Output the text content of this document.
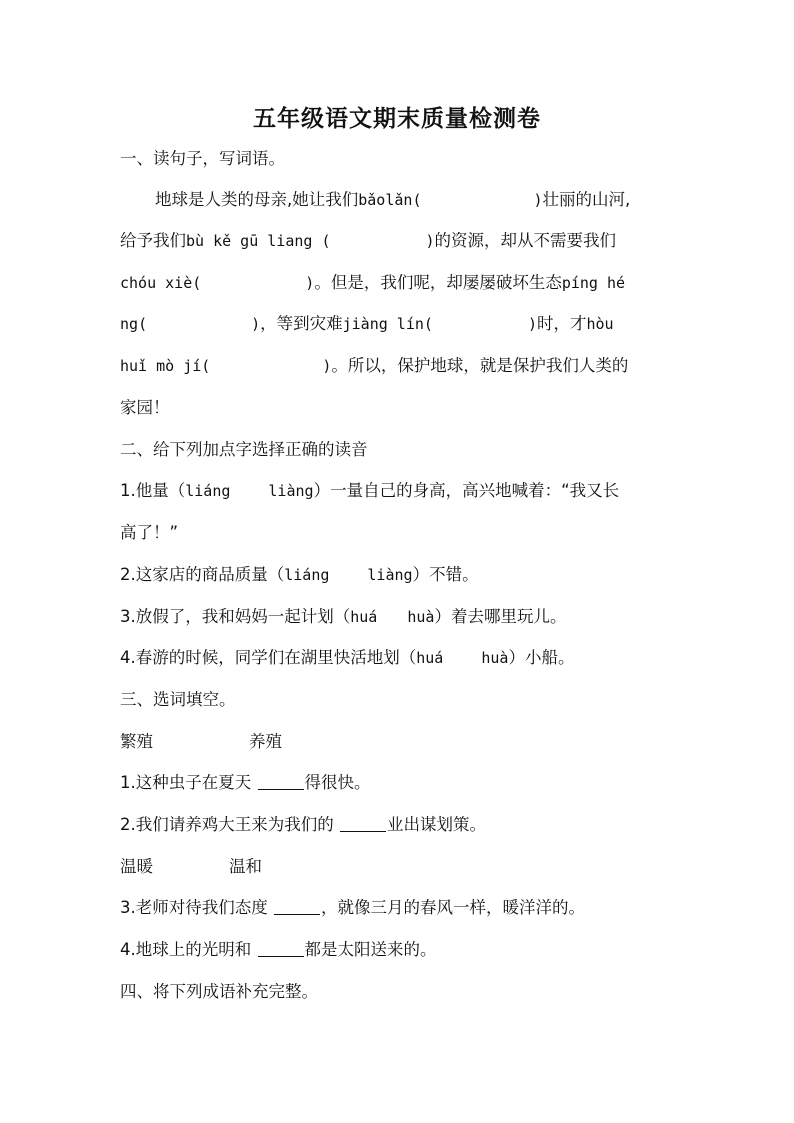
五年级语文期末质量检测卷
一、读句子，写词语。
地球是人类的母亲,她让我们bǎolǎn(	)壮丽的山河,
给予我们bù kě gū liang (	)的资源，却从不需要我们
chóu xiè(	)。但是，我们呢，却屡屡破坏生态píng hé
ng(	)，等到灾难jiàng lín(	)时，才hòu
huǐ mò jí(	)。所以，保护地球，就是保护我们人类的
家园！
二、给下列加点字选择正确的读音
1.他量（liáng	liàng）一量自己的身高，高兴地喊着：“我又长
高了！”
2.这家店的商品质量（liáng	liàng）不错。
3.放假了，我和妈妈一起计划（huá huà）着去哪里玩儿。
4.春游的时候，同学们在湖里快活地划（huá	huà）小船。
三、选词填空。
繁殖	养殖
1.这种虫子在夏天	得很快。
2.我们请养鸡大王来为我们的	业出谋划策。
温暖	温和
3.老师对待我们态度	，就像三月的春风一样，暖洋洋的。
4.地球上的光明和	都是太阳送来的。
四、将下列成语补充完整。
